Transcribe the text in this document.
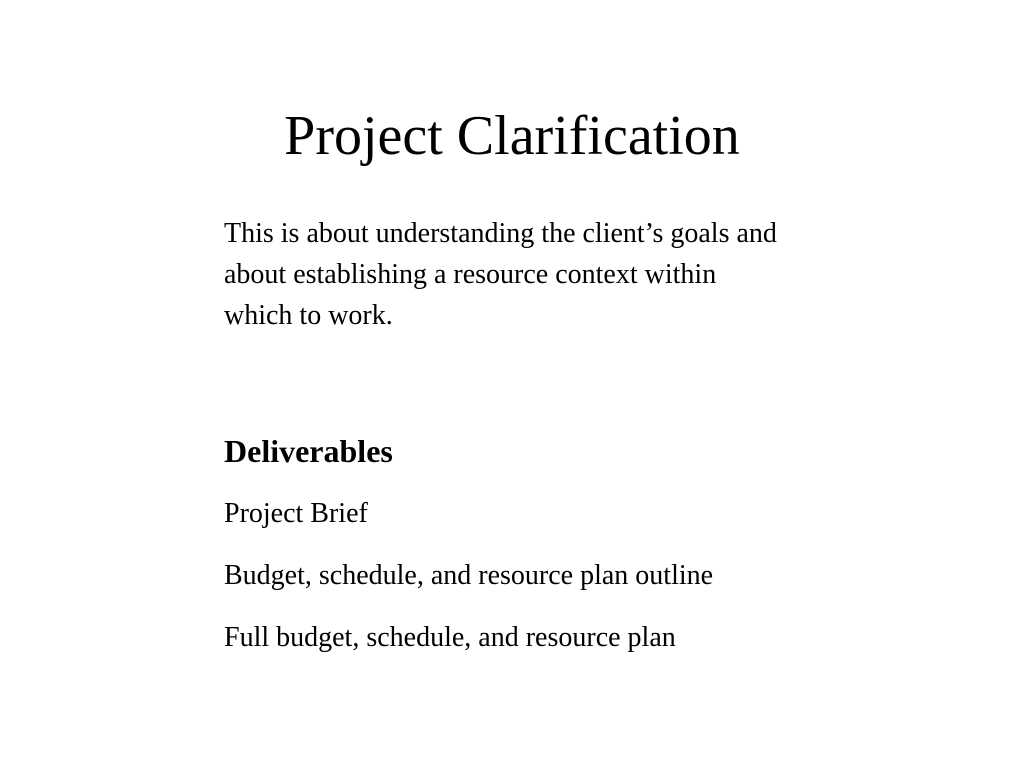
Project Clarification

This is about understanding the client’s goals and about establishing a resource context within which to work.

Deliverables
Project Brief
Budget, schedule, and resource plan outline
Full budget, schedule, and resource plan
